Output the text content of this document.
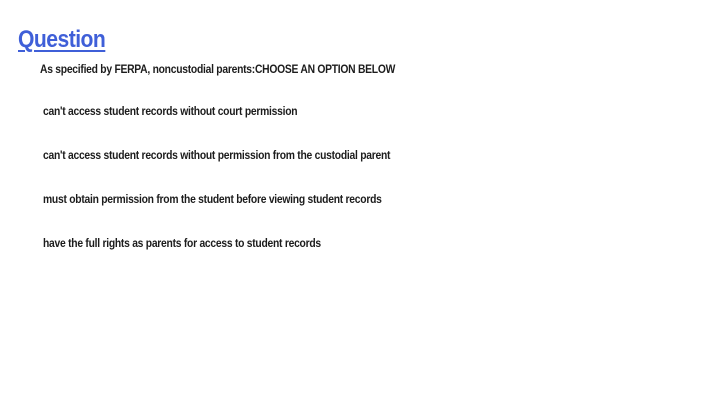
Question
As specified by FERPA, noncustodial parents:CHOOSE AN OPTION BELOW
can't access student records without court permission
can't access student records without permission from the custodial parent
must obtain permission from the student before viewing student records
have the full rights as parents for access to student records
